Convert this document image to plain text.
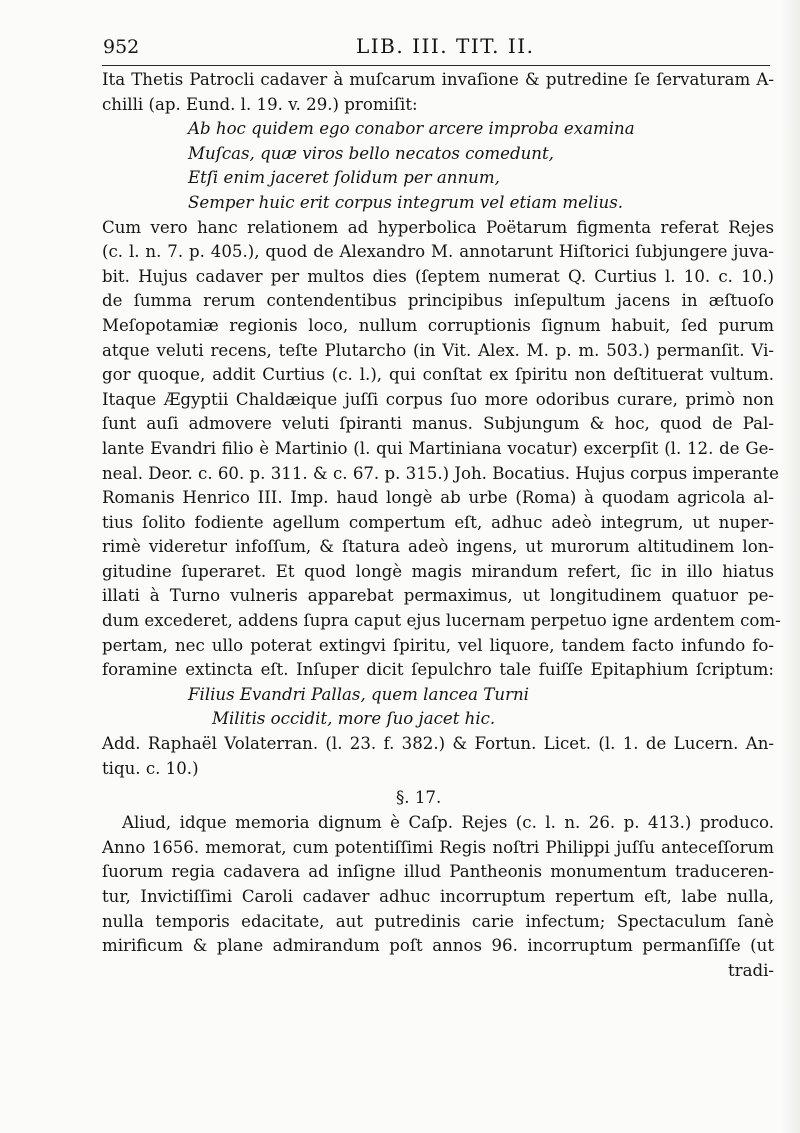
952	LIB. III. TIT. II.
Ita Thetis Patrocli cadaver à muſcarum invaſione & putredine ſe ſervaturam A-
chilli (ap. Eund. l. 19. v. 29.) promiſit:
Ab hoc quidem ego conabor arcere improba examina
Muſcas, quæ viros bello necatos comedunt,
Etſi enim jaceret ſolidum per annum,
Semper huic erit corpus integrum vel etiam melius.
Cum vero hanc relationem ad hyperbolica Poëtarum figmenta referat Rejes
(c. l. n. 7. p. 405.), quod de Alexandro M. annotarunt Hiſtorici ſubjungere juva-
bit. Hujus cadaver per multos dies (ſeptem numerat Q. Curtius l. 10. c. 10.)
de ſumma rerum contendentibus principibus inſepultum jacens in æſtuoſo
Meſopotamiæ regionis loco, nullum corruptionis ſignum habuit, ſed purum
atque veluti recens, teſte Plutarcho (in Vit. Alex. M. p. m. 503.) permanſit. Vi-
gor quoque, addit Curtius (c. l.), qui conſtat ex ſpiritu non deſtituerat vultum.
Itaque Ægyptii Chaldæique juſſi corpus ſuo more odoribus curare, primò non
ſunt auſi admovere veluti ſpiranti manus. Subjungum & hoc, quod de Pal-
lante Evandri filio è Martinio (l. qui Martiniana vocatur) excerpſit (l. 12. de Ge-
neal. Deor. c. 60. p. 311. & c. 67. p. 315.) Joh. Bocatius. Hujus corpus imperante
Romanis Henrico III. Imp. haud longè ab urbe (Roma) à quodam agricola al-
tius ſolito fodiente agellum compertum eſt, adhuc adeò integrum, ut nuper-
rimè videretur infoſſum, & ſtatura adeò ingens, ut murorum altitudinem lon-
gitudine ſuperaret. Et quod longè magis mirandum refert, ſic in illo hiatus
illati à Turno vulneris apparebat permaximus, ut longitudinem quatuor pe-
dum excederet, addens ſupra caput ejus lucernam perpetuo igne ardentem com-
pertam, nec ullo poterat extingvi ſpiritu, vel liquore, tandem facto infundo fo-
foramine extincta eſt. Inſuper dicit ſepulchro tale fuiſſe Epitaphium ſcriptum:
Filius Evandri Pallas, quem lancea Turni
Militis occidit, more ſuo jacet hic.
Add. Raphaël Volaterran. (l. 23. f. 382.) & Fortun. Licet. (l. 1. de Lucern. An-
tiqu. c. 10.)
§. 17.
Aliud, idque memoria dignum è Caſp. Rejes (c. l. n. 26. p. 413.) produco.
Anno 1656. memorat, cum potentiſſimi Regis noſtri Philippi juſſu anteceſſorum
ſuorum regia cadavera ad inſigne illud Pantheonis monumentum traduceren-
tur, Invictiſſimi Caroli cadaver adhuc incorruptum repertum eſt, labe nulla,
nulla temporis edacitate, aut putredinis carie infectum; Spectaculum ſanè
mirificum & plane admirandum poſt annos 96. incorruptum permanſiſſe (ut
tradi-
